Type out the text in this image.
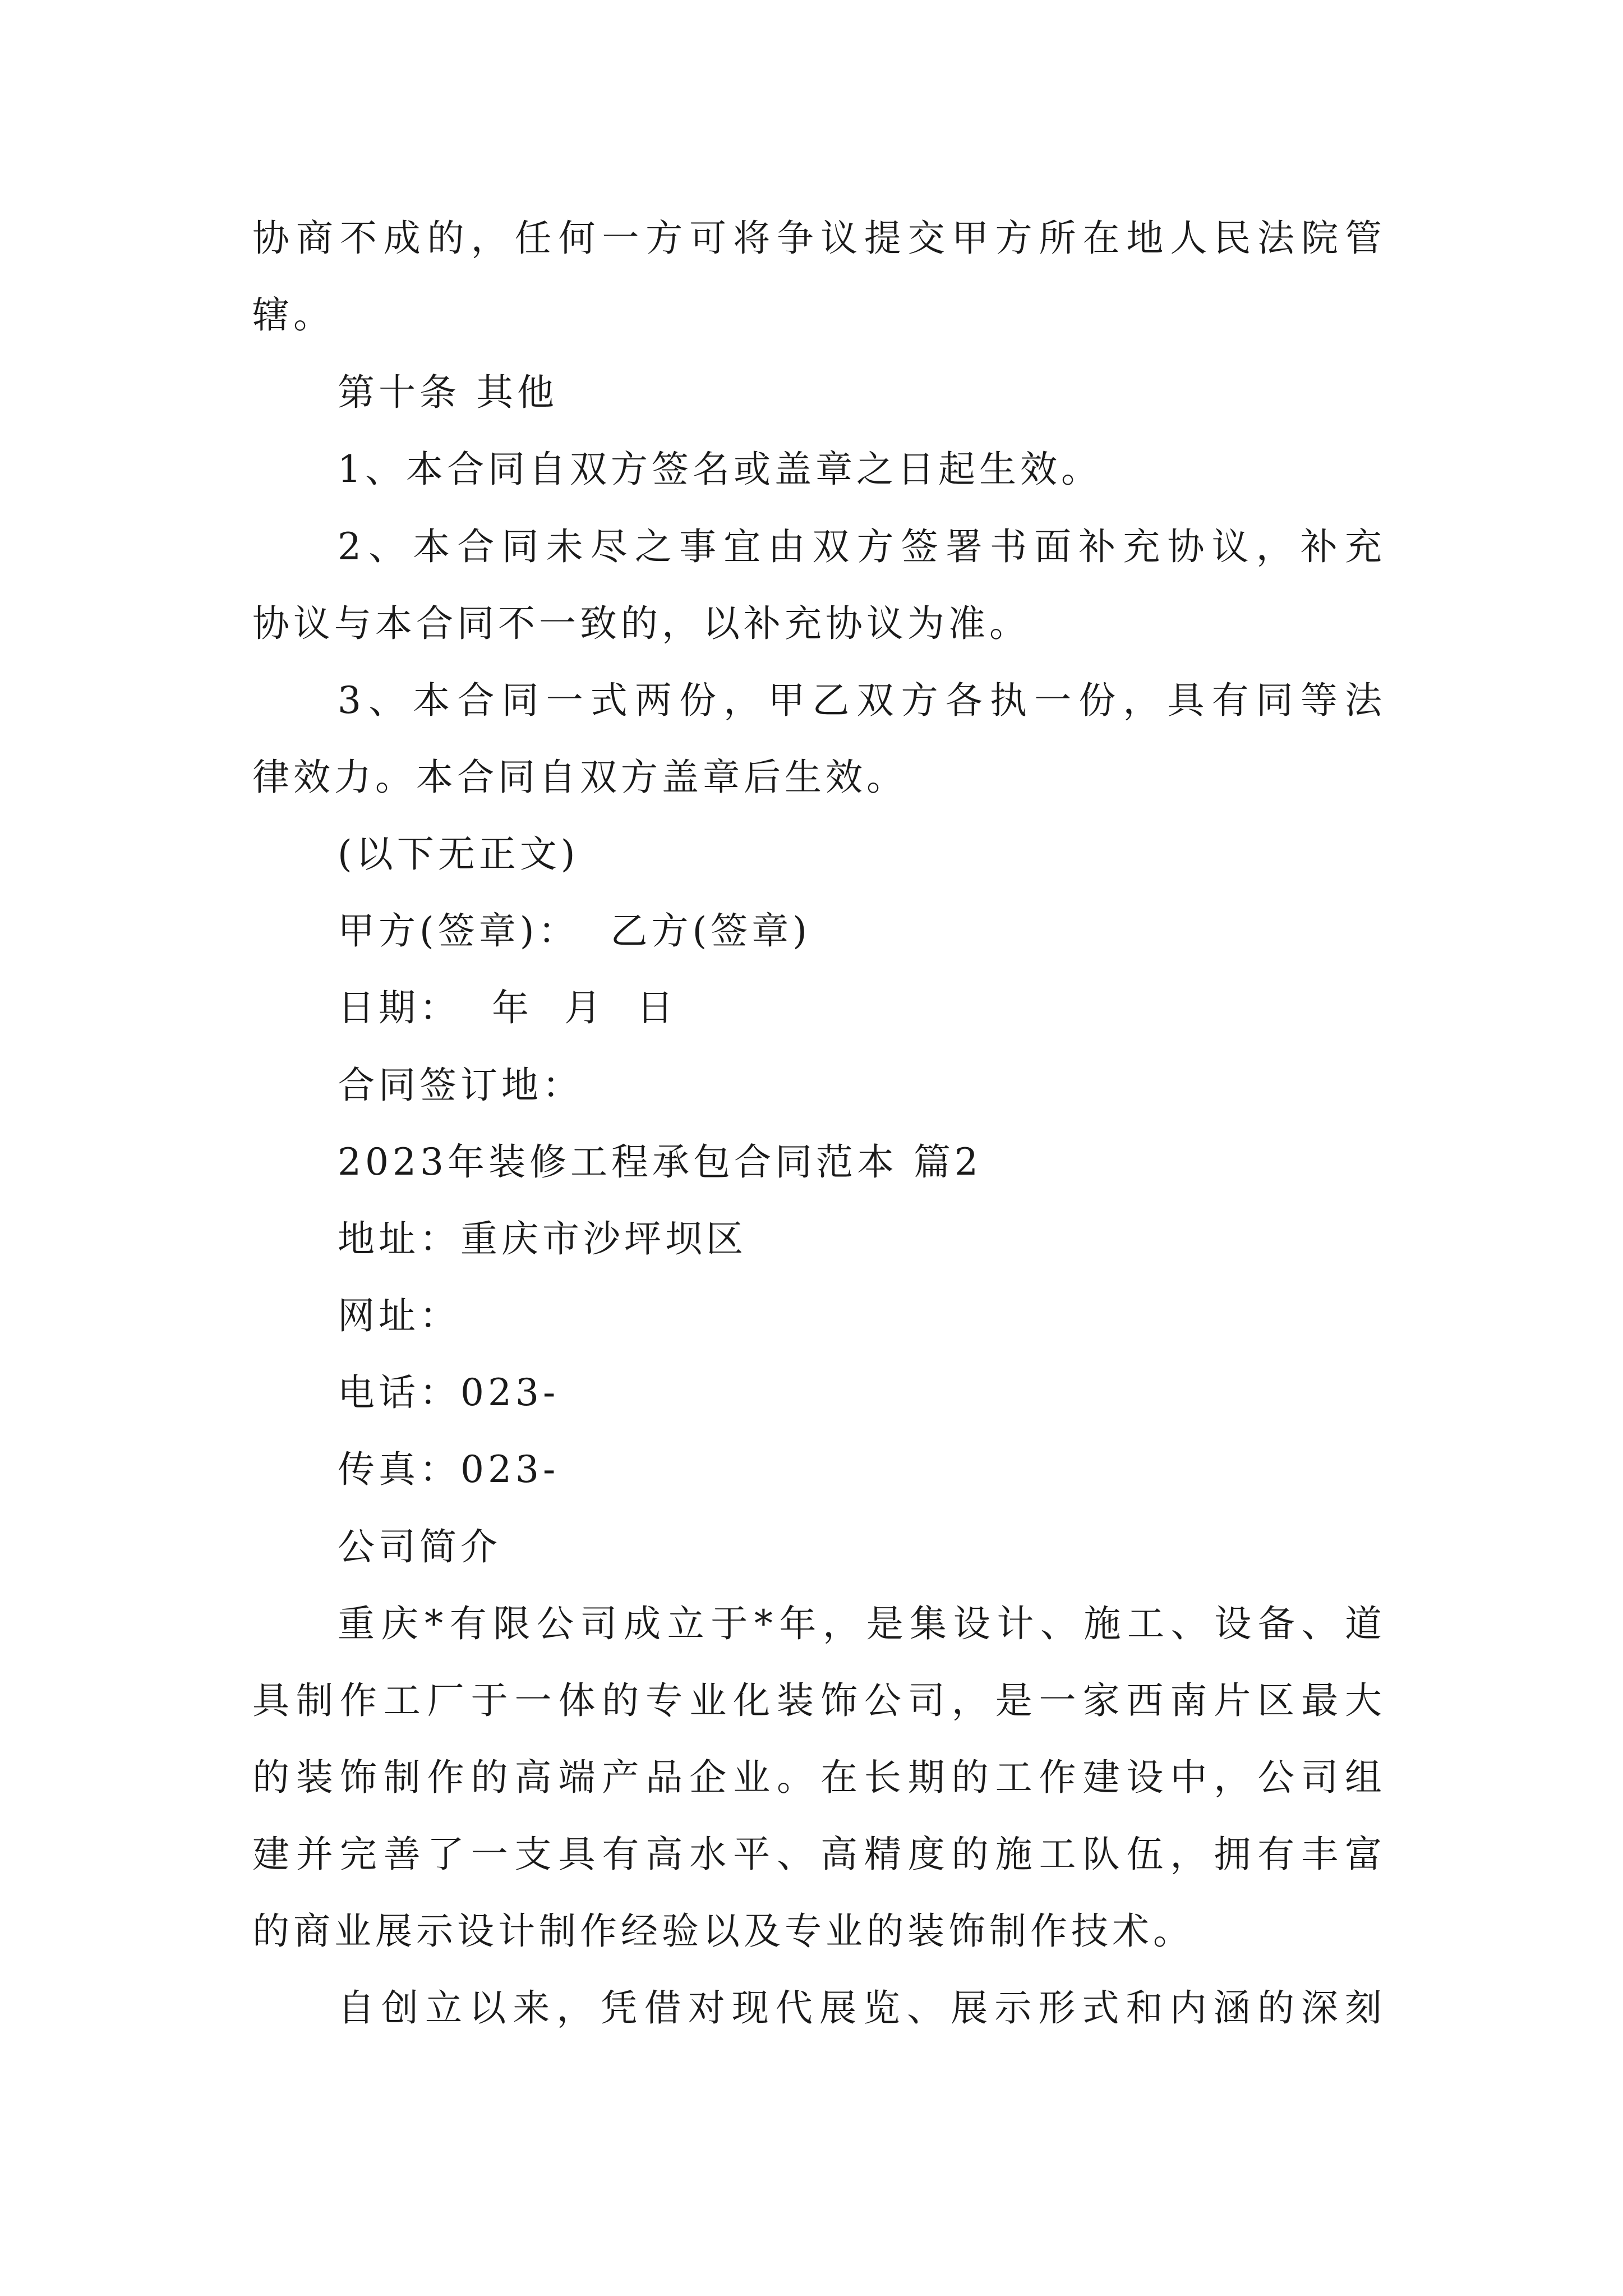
协商不成的，任何一方可将争议提交甲方所在地人民法院管
辖。
第十条 其他
1、本合同自双方签名或盖章之日起生效。
2、本合同未尽之事宜由双方签署书面补充协议，补充
协议与本合同不一致的，以补充协议为准。
3、本合同一式两份，甲乙双方各执一份，具有同等法
律效力。本合同自双方盖章后生效。
(以下无正文)
甲方(签章)：  乙方(签章)
日期：  年  月  日
合同签订地：
2023年装修工程承包合同范本 篇2
地址：重庆市沙坪坝区
网址：
电话：023-
传真：023-
公司简介
重庆*有限公司成立于*年，是集设计、施工、设备、道
具制作工厂于一体的专业化装饰公司，是一家西南片区最大
的装饰制作的高端产品企业。在长期的工作建设中，公司组
建并完善了一支具有高水平、高精度的施工队伍，拥有丰富
的商业展示设计制作经验以及专业的装饰制作技术。
自创立以来，凭借对现代展览、展示形式和内涵的深刻
